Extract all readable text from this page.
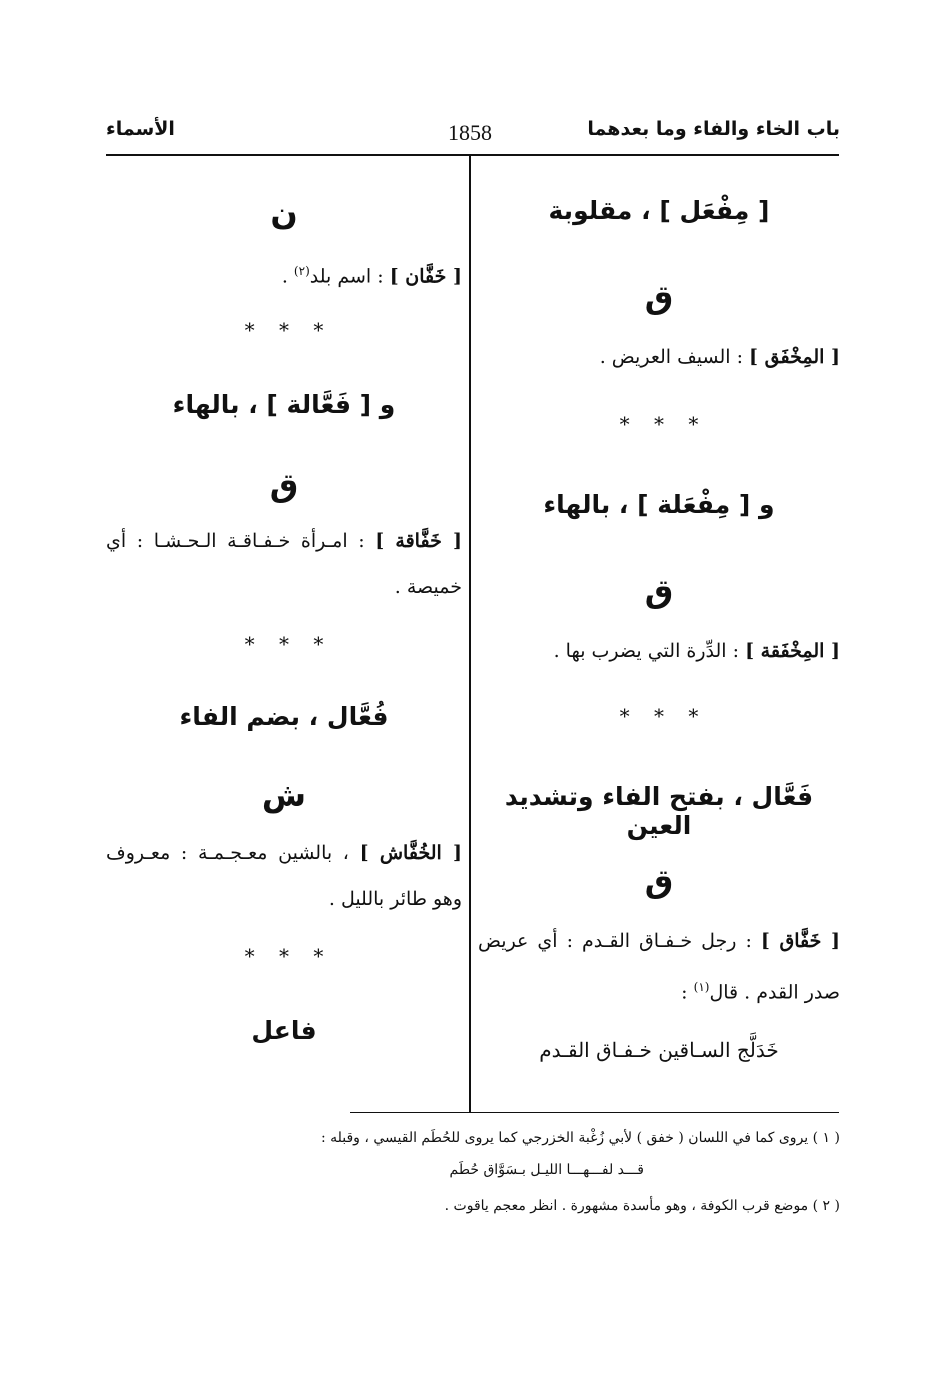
باب الخاء والفاء وما بعدهما
1858
الأسماء
[ مِفْعَل ] ، مقلوبة
ق
[ المِخْفَق ] : السيف العريض .
* * *
و [ مِفْعَلة ] ، بالهاء
ق
[ المِخْفَقة ] : الدِّرة التي يضرب بها .
* * *
فَعَّال ، بفتح الفاء وتشديد العين
ق
[ خَفَّاق ] : رجل خـفـاق القـدم : أي عريض صدر القدم . قال$^{(١)}$ :
خَدَلَّج السـاقين خـفـاق القـدم
ن
[ خَفَّان ] : اسم بلد$^{(٢)}$ .
* * *
و [ فَعَّالة ] ، بالهاء
ق
[ خَفَّاقة ] : امـرأة خـفـاقـة الـحـشـا : أي خميصة .
* * *
فُعَّال ، بضم الفاء
ش
[ الخُفَّاش ] ، بالشين معـجـمـة : معـروف وهو طائر بالليل .
* * *
فاعل
( ١ ) يروى كما في اللسان ( خفق ) لأبي زُغْبة الخزرجي كما يروى للحُطَم القيسي ، وقبله :
قـــد لفـــهـــا الليـل بـسَوَّاق حُطَم
( ٢ ) موضع قرب الكوفة ، وهو مأسدة مشهورة . انظر معجم ياقوت .
